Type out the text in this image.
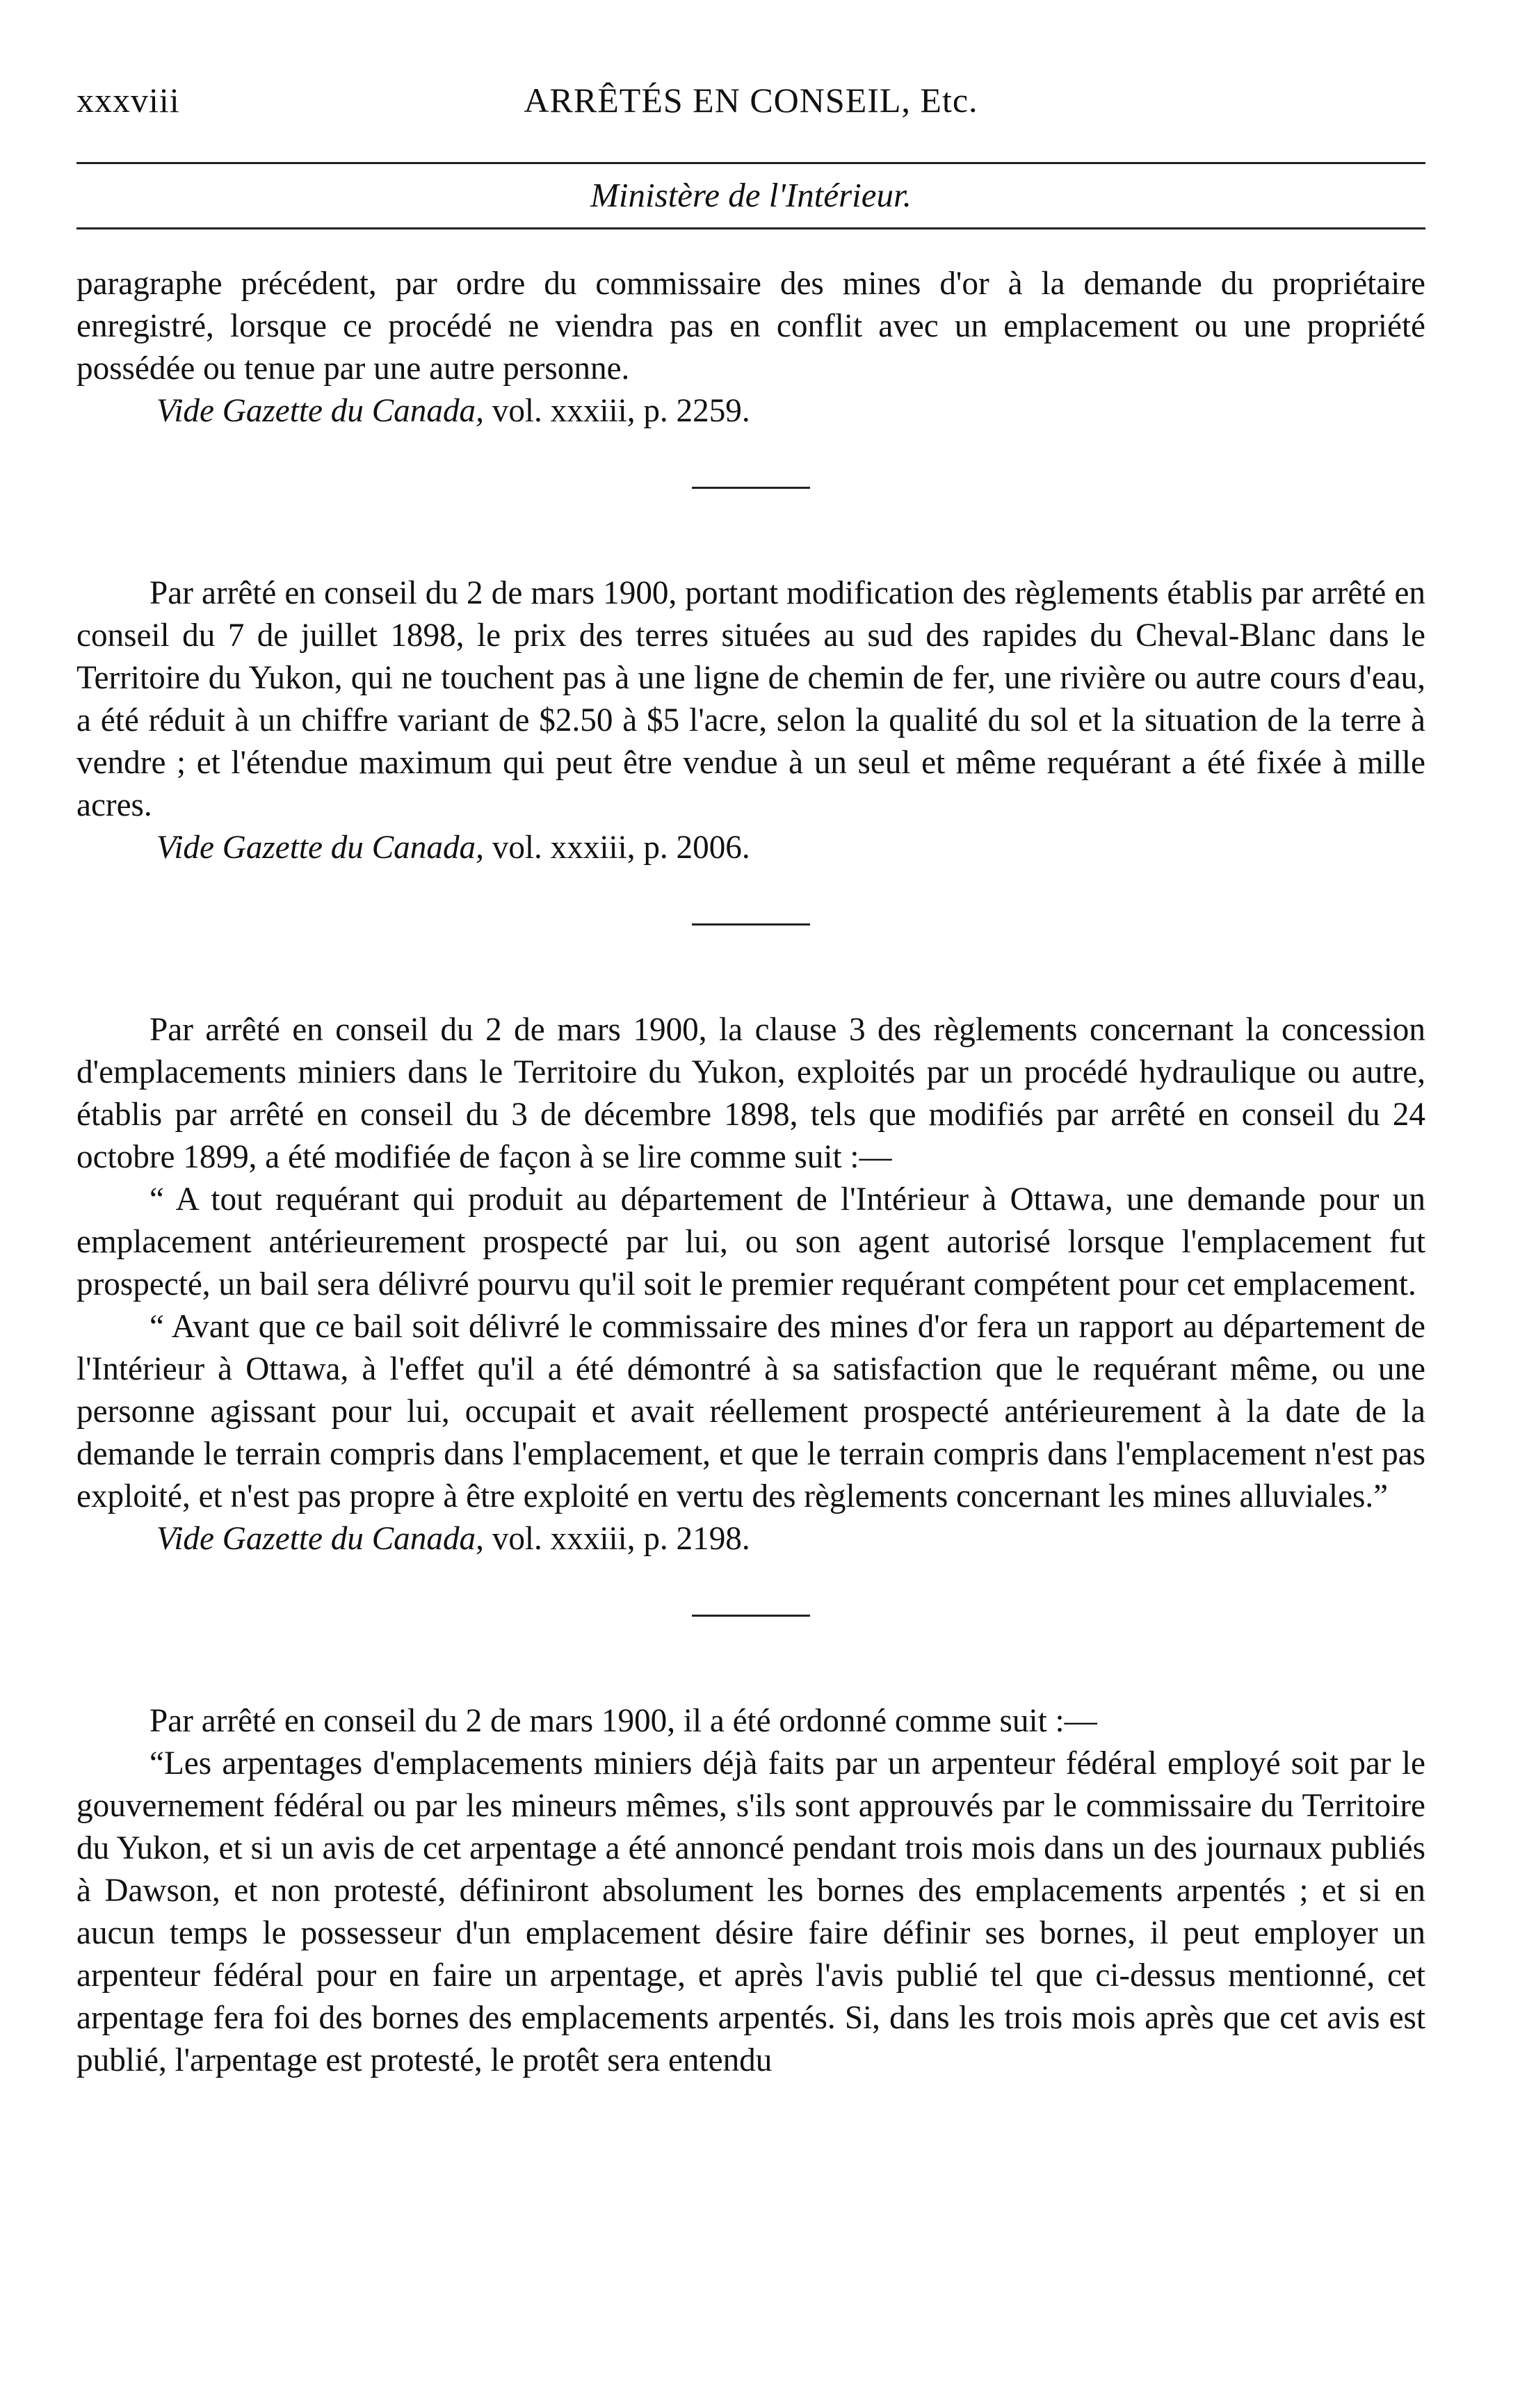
xxxviii	ARRÊTÉS EN CONSEIL, Etc.
Ministère de l'Intérieur.

paragraphe précédent, par ordre du commissaire des mines d'or à la demande du propriétaire enregistré, lorsque ce procédé ne viendra pas en conflit avec un emplacement ou une propriété possédée ou tenue par une autre personne.

Vide Gazette du Canada, vol. xxxiii, p. 2259.

Par arrêté en conseil du 2 de mars 1900, portant modification des règlements établis par arrêté en conseil du 7 de juillet 1898, le prix des terres situées au sud des rapides du Cheval-Blanc dans le Territoire du Yukon, qui ne touchent pas à une ligne de chemin de fer, une rivière ou autre cours d'eau, a été réduit à un chiffre variant de $2.50 à $5 l'acre, selon la qualité du sol et la situation de la terre à vendre ; et l'étendue maximum qui peut être vendue à un seul et même requérant a été fixée à mille acres.

Vide Gazette du Canada, vol. xxxiii, p. 2006.

Par arrêté en conseil du 2 de mars 1900, la clause 3 des règlements concernant la concession d'emplacements miniers dans le Territoire du Yukon, exploités par un procédé hydraulique ou autre, établis par arrêté en conseil du 3 de décembre 1898, tels que modifiés par arrêté en conseil du 24 octobre 1899, a été modifiée de façon à se lire comme suit :—

“ A tout requérant qui produit au département de l'Intérieur à Ottawa, une demande pour un emplacement antérieurement prospecté par lui, ou son agent autorisé lorsque l'emplacement fut prospecté, un bail sera délivré pourvu qu'il soit le premier requérant compétent pour cet emplacement.

“ Avant que ce bail soit délivré le commissaire des mines d'or fera un rapport au département de l'Intérieur à Ottawa, à l'effet qu'il a été démontré à sa satisfaction que le requérant même, ou une personne agissant pour lui, occupait et avait réellement prospecté antérieurement à la date de la demande le terrain compris dans l'emplacement, et que le terrain compris dans l'emplacement n'est pas exploité, et n'est pas propre à être exploité en vertu des règlements concernant les mines alluviales.”

Vide Gazette du Canada, vol. xxxiii, p. 2198.

Par arrêté en conseil du 2 de mars 1900, il a été ordonné comme suit :—

“Les arpentages d'emplacements miniers déjà faits par un arpenteur fédéral employé soit par le gouvernement fédéral ou par les mineurs mêmes, s'ils sont approuvés par le commissaire du Territoire du Yukon, et si un avis de cet arpentage a été annoncé pendant trois mois dans un des journaux publiés à Dawson, et non protesté, définiront absolument les bornes des emplacements arpentés ; et si en aucun temps le possesseur d'un emplacement désire faire définir ses bornes, il peut employer un arpenteur fédéral pour en faire un arpentage, et après l'avis publié tel que ci-dessus mentionné, cet arpentage fera foi des bornes des emplacements arpentés. Si, dans les trois mois après que cet avis est publié, l'arpentage est protesté, le protêt sera entendu
